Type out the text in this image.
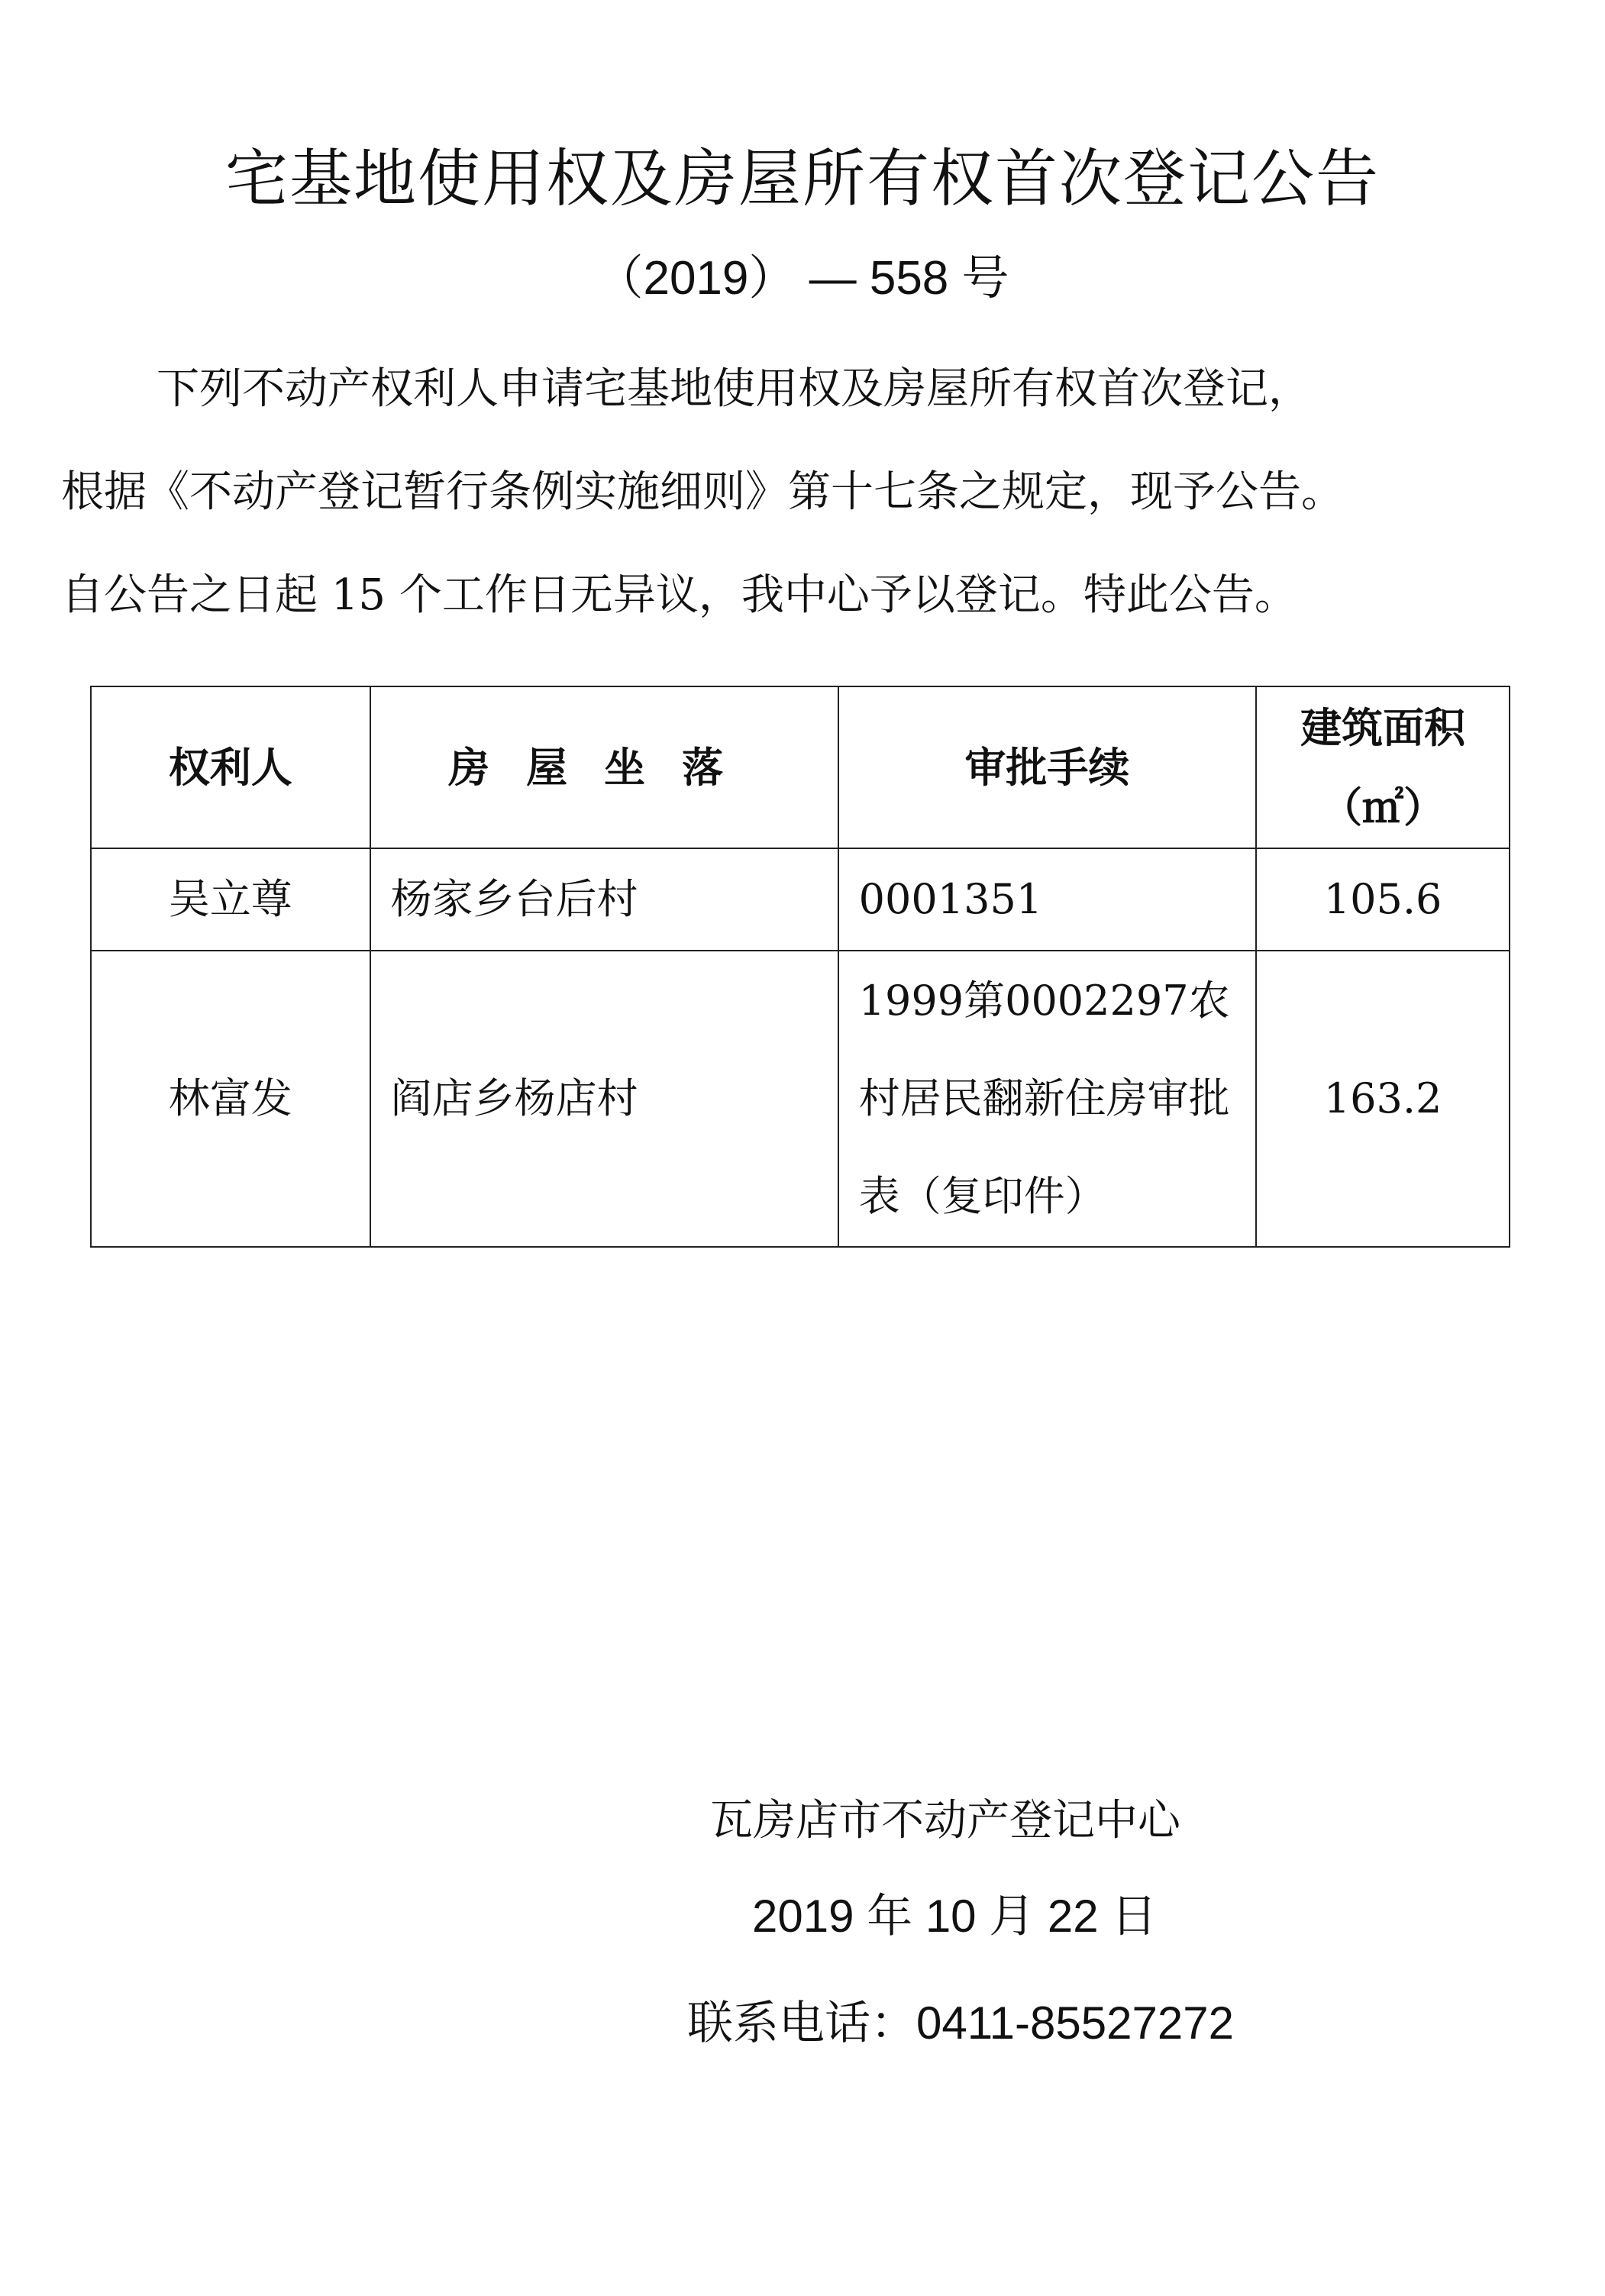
宅基地使用权及房屋所有权首次登记公告
（2019） — 558 号
下列不动产权利人申请宅基地使用权及房屋所有权首次登记，
根据《不动产登记暂行条例实施细则》第十七条之规定，现予公告。
自公告之日起 15 个工作日无异议，我中心予以登记。特此公告。
权利人	房屋坐落	审批手续	建筑面积
（㎡）

吴立尊	杨家乡台后村	0001351	105.6
林富发	阎店乡杨店村	1999第0002297农村居民翻新住房审批表（复印件）	163.2
瓦房店市不动产登记中心
2019 年 10 月 22 日
联系电话：0411-85527272
